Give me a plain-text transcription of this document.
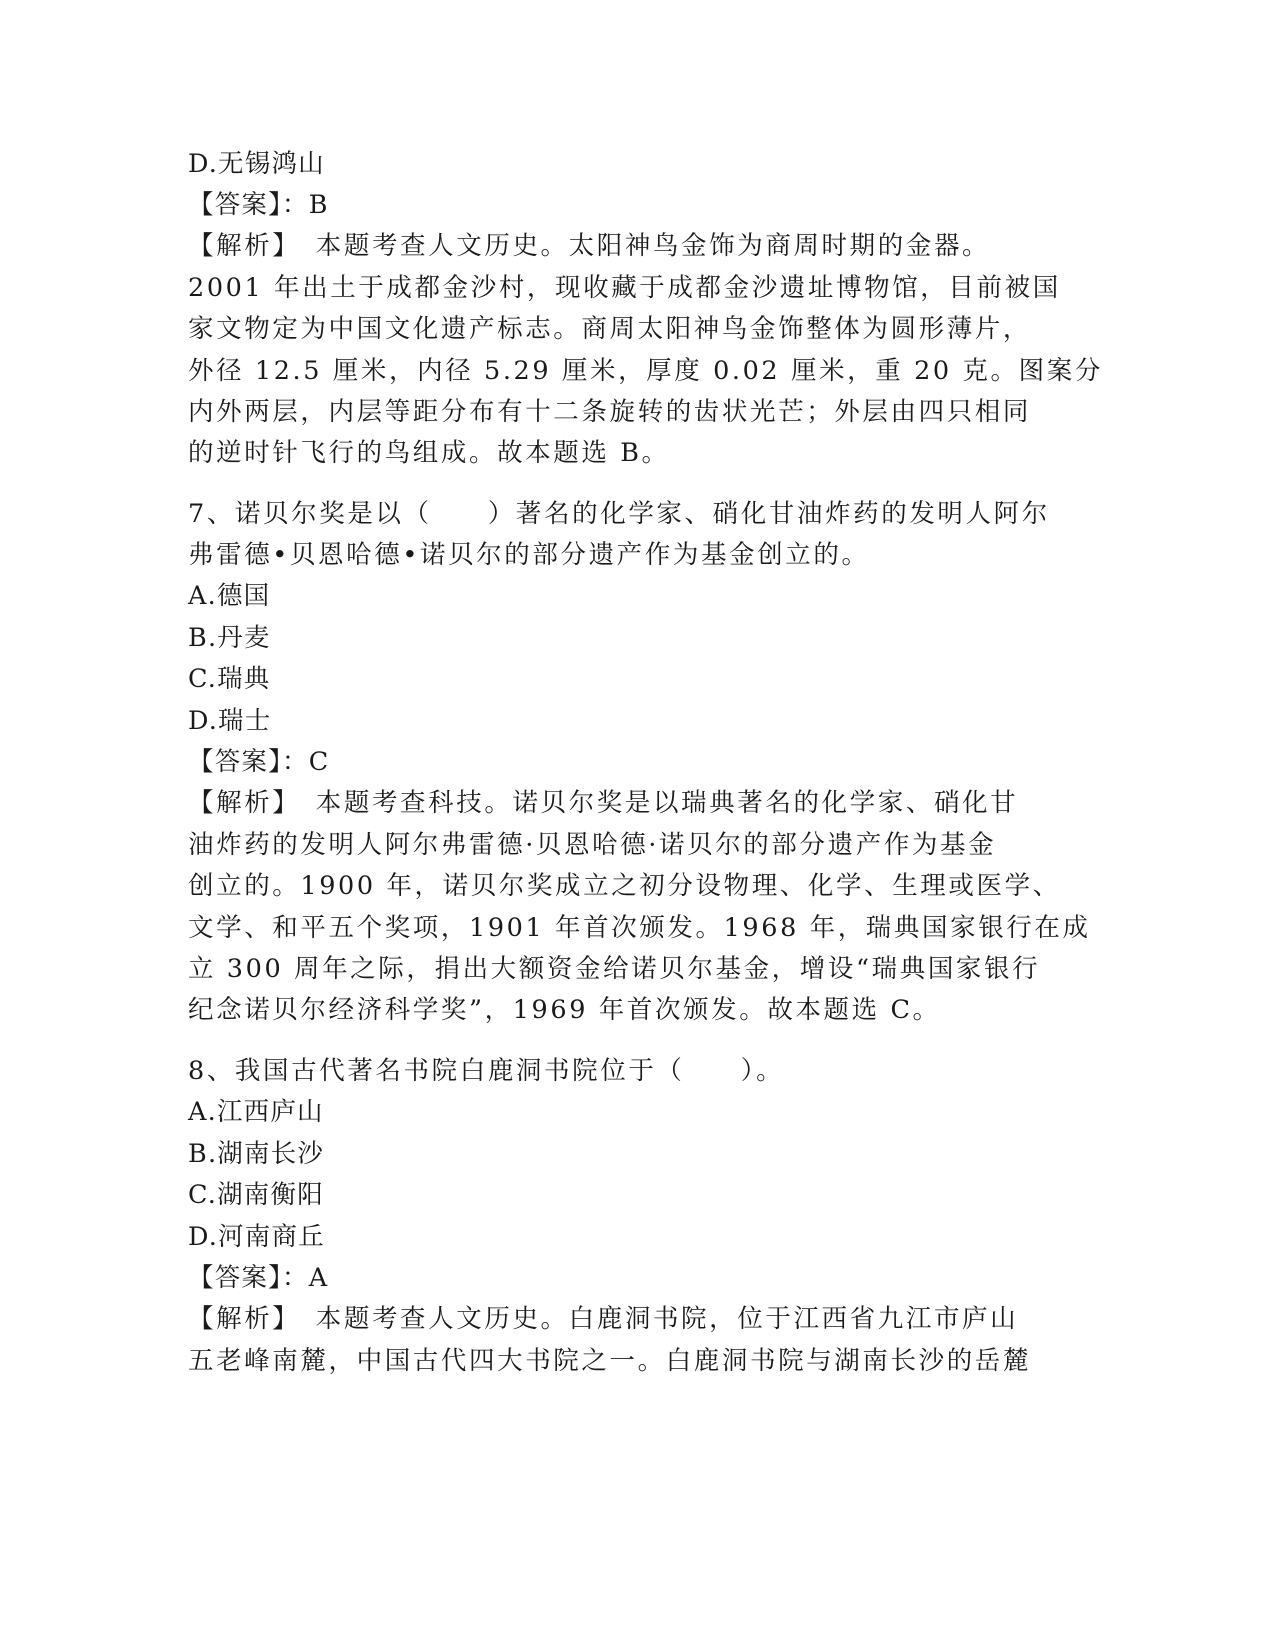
D.无锡鸿山
【答案】：B
【解析】　本题考查人文历史。太阳神鸟金饰为商周时期的金器。
2001 年出土于成都金沙村，现收藏于成都金沙遗址博物馆，目前被国
家文物定为中国文化遗产标志。商周太阳神鸟金饰整体为圆形薄片，
外径 12.5 厘米，内径 5.29 厘米，厚度 0.02 厘米，重 20 克。图案分
内外两层，内层等距分布有十二条旋转的齿状光芒；外层由四只相同
的逆时针飞行的鸟组成。故本题选 B。
7、诺贝尔奖是以（　　）著名的化学家、硝化甘油炸药的发明人阿尔
弗雷德•贝恩哈德•诺贝尔的部分遗产作为基金创立的。
A.德国
B.丹麦
C.瑞典
D.瑞士
【答案】：C
【解析】　本题考查科技。诺贝尔奖是以瑞典著名的化学家、硝化甘
油炸药的发明人阿尔弗雷德·贝恩哈德·诺贝尔的部分遗产作为基金
创立的。1900 年，诺贝尔奖成立之初分设物理、化学、生理或医学、
文学、和平五个奖项，1901 年首次颁发。1968 年，瑞典国家银行在成
立 300 周年之际，捐出大额资金给诺贝尔基金，增设“瑞典国家银行
纪念诺贝尔经济科学奖”，1969 年首次颁发。故本题选 C。
8、我国古代著名书院白鹿洞书院位于（　　）。
A.江西庐山
B.湖南长沙
C.湖南衡阳
D.河南商丘
【答案】：A
【解析】　本题考查人文历史。白鹿洞书院，位于江西省九江市庐山
五老峰南麓，中国古代四大书院之一。白鹿洞书院与湖南长沙的岳麓
